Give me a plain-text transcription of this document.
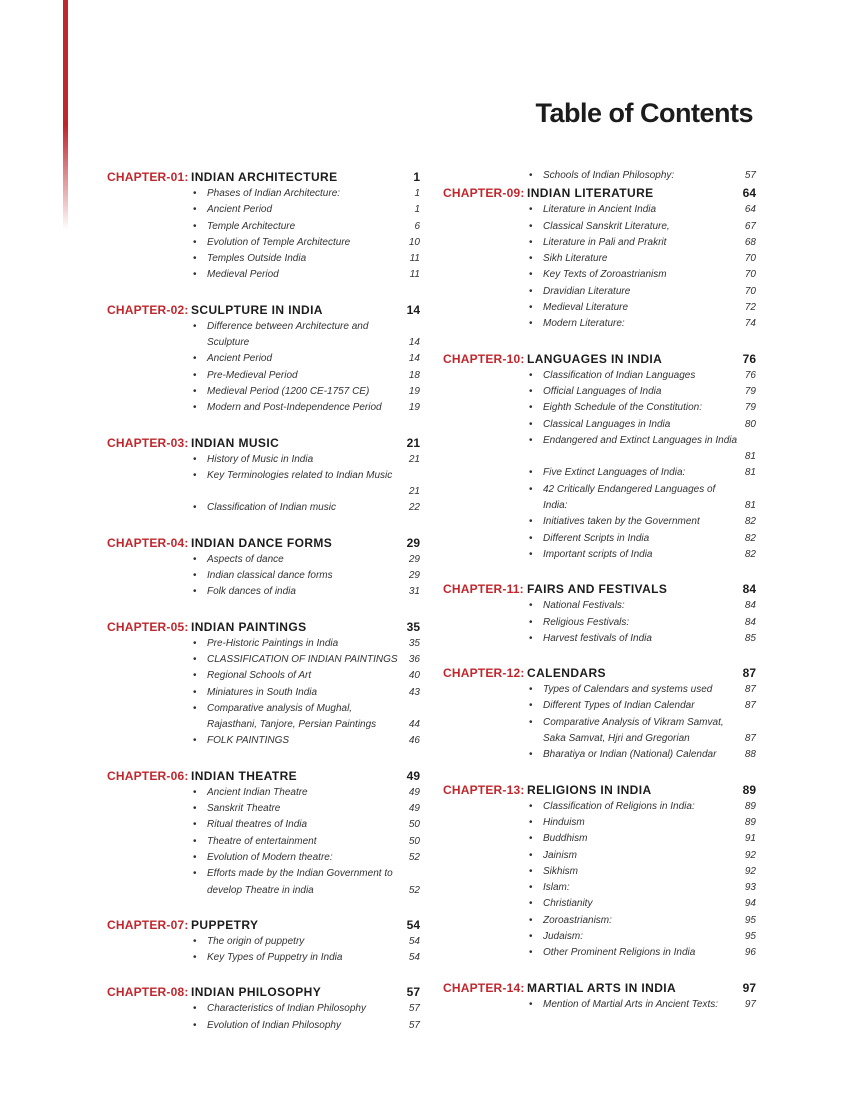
Table of Contents
CHAPTER-01: INDIAN ARCHITECTURE	1
• Phases of Indian Architecture:	1
• Ancient Period	1
• Temple Architecture	6
• Evolution of Temple Architecture	10
• Temples Outside India	11
• Medieval Period	11
CHAPTER-02: SCULPTURE IN INDIA	14
• Difference between Architecture and
Sculpture	14
• Ancient Period	14
• Pre-Medieval Period	18
• Medieval Period (1200 CE-1757 CE)	19
• Modern and Post-Independence Period	19
CHAPTER-03: INDIAN MUSIC	21
• History of Music in India	21
• Key Terminologies related to Indian Music
21
• Classification of Indian music	22
CHAPTER-04: INDIAN DANCE FORMS	29
• Aspects of dance	29
• Indian classical dance forms	29
• Folk dances of india	31
CHAPTER-05: INDIAN PAINTINGS	35
• Pre-Historic Paintings in India	35
• CLASSIFICATION OF INDIAN PAINTINGS	36
• Regional Schools of Art	40
• Miniatures in South India	43
• Comparative analysis of Mughal,
Rajasthani, Tanjore, Persian Paintings	44
• FOLK PAINTINGS	46
CHAPTER-06: INDIAN THEATRE	49
• Ancient Indian Theatre	49
• Sanskrit Theatre	49
• Ritual theatres of India	50
• Theatre of entertainment	50
• Evolution of Modern theatre:	52
• Efforts made by the Indian Government to
develop Theatre in india	52
CHAPTER-07: PUPPETRY	54
• The origin of puppetry	54
• Key Types of Puppetry in India	54
CHAPTER-08: INDIAN PHILOSOPHY	57
• Characteristics of Indian Philosophy	57
• Evolution of Indian Philosophy	57
• Schools of Indian Philosophy:	57
CHAPTER-09: INDIAN LITERATURE	64
• Literature in Ancient India	64
• Classical Sanskrit Literature,	67
• Literature in Pali and Prakrit	68
• Sikh Literature	70
• Key Texts of Zoroastrianism	70
• Dravidian Literature	70
• Medieval Literature	72
• Modern Literature:	74
CHAPTER-10: LANGUAGES IN INDIA	76
• Classification of Indian Languages	76
• Official Languages of India	79
• Eighth Schedule of the Constitution:	79
• Classical Languages in India	80
• Endangered and Extinct Languages in India
81
• Five Extinct Languages of India:	81
• 42 Critically Endangered Languages of
India:	81
• Initiatives taken by the Government	82
• Different Scripts in India	82
• Important scripts of India	82
CHAPTER-11: FAIRS AND FESTIVALS	84
• National Festivals:	84
• Religious Festivals:	84
• Harvest festivals of India	85
CHAPTER-12: CALENDARS	87
• Types of Calendars and systems used	87
• Different Types of Indian Calendar	87
• Comparative Analysis of Vikram Samvat,
Saka Samvat, Hjri and Gregorian	87
• Bharatiya or Indian (National) Calendar	88
CHAPTER-13: RELIGIONS IN INDIA	89
• Classification of Religions in India:	89
• Hinduism	89
• Buddhism	91
• Jainism	92
• Sikhism	92
• Islam:	93
• Christianity	94
• Zoroastrianism:	95
• Judaism:	95
• Other Prominent Religions in India	96
CHAPTER-14: MARTIAL ARTS IN INDIA	97
• Mention of Martial Arts in Ancient Texts:	97
